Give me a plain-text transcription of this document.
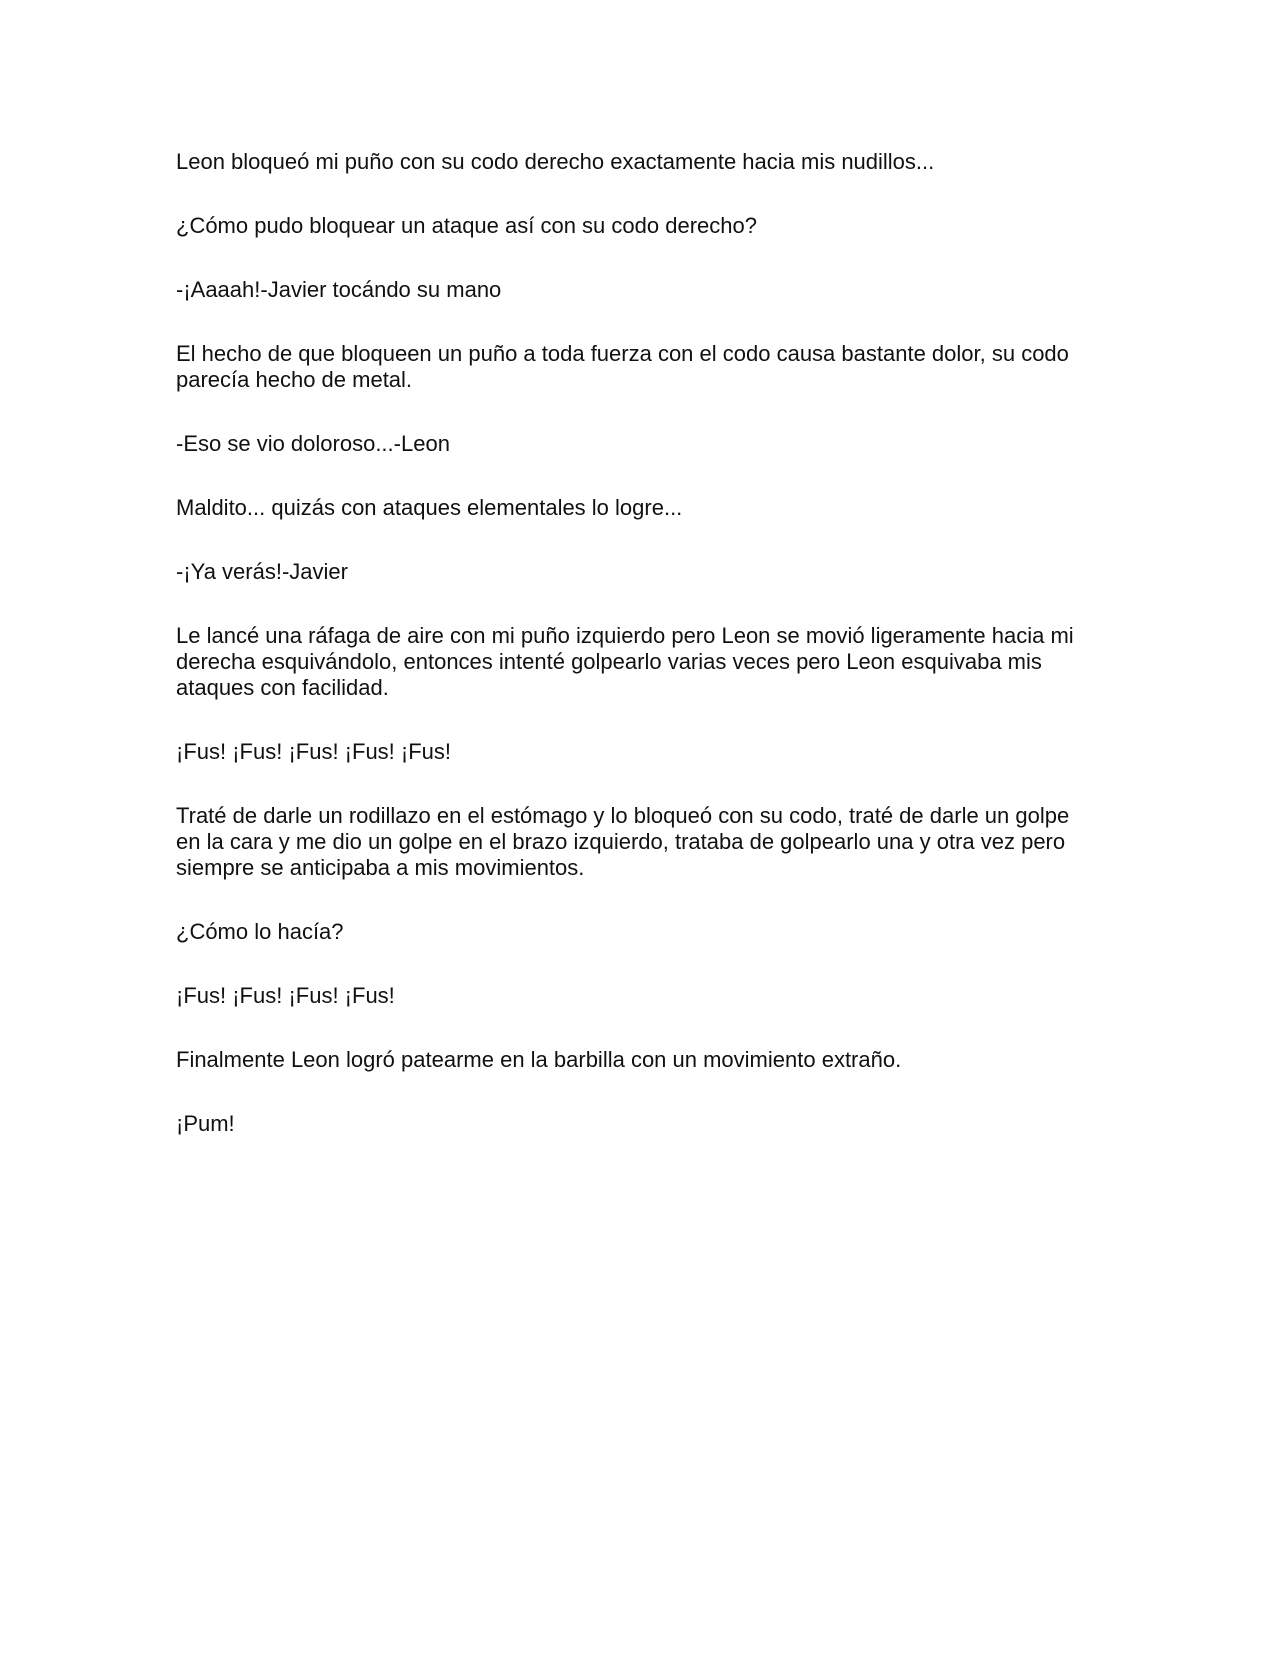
Leon bloqueó mi puño con su codo derecho exactamente hacia mis nudillos...

¿Cómo pudo bloquear un ataque así con su codo derecho?

-¡Aaaah!-Javier tocándo su mano

El hecho de que bloqueen un puño a toda fuerza con el codo causa bastante dolor, su codo parecía hecho de metal.

-Eso se vio doloroso...-Leon

Maldito... quizás con ataques elementales lo logre...

-¡Ya verás!-Javier

Le lancé una ráfaga de aire con mi puño izquierdo pero Leon se movió ligeramente hacia mi derecha esquivándolo, entonces intenté golpearlo varias veces pero Leon esquivaba mis ataques con facilidad.

¡Fus! ¡Fus! ¡Fus! ¡Fus! ¡Fus!

Traté de darle un rodillazo en el estómago y lo bloqueó con su codo, traté de darle un golpe en la cara y me dio un golpe en el brazo izquierdo, trataba de golpearlo una y otra vez pero siempre se anticipaba a mis movimientos.

¿Cómo lo hacía?

¡Fus! ¡Fus! ¡Fus! ¡Fus!

Finalmente Leon logró patearme en la barbilla con un movimiento extraño.

¡Pum!
